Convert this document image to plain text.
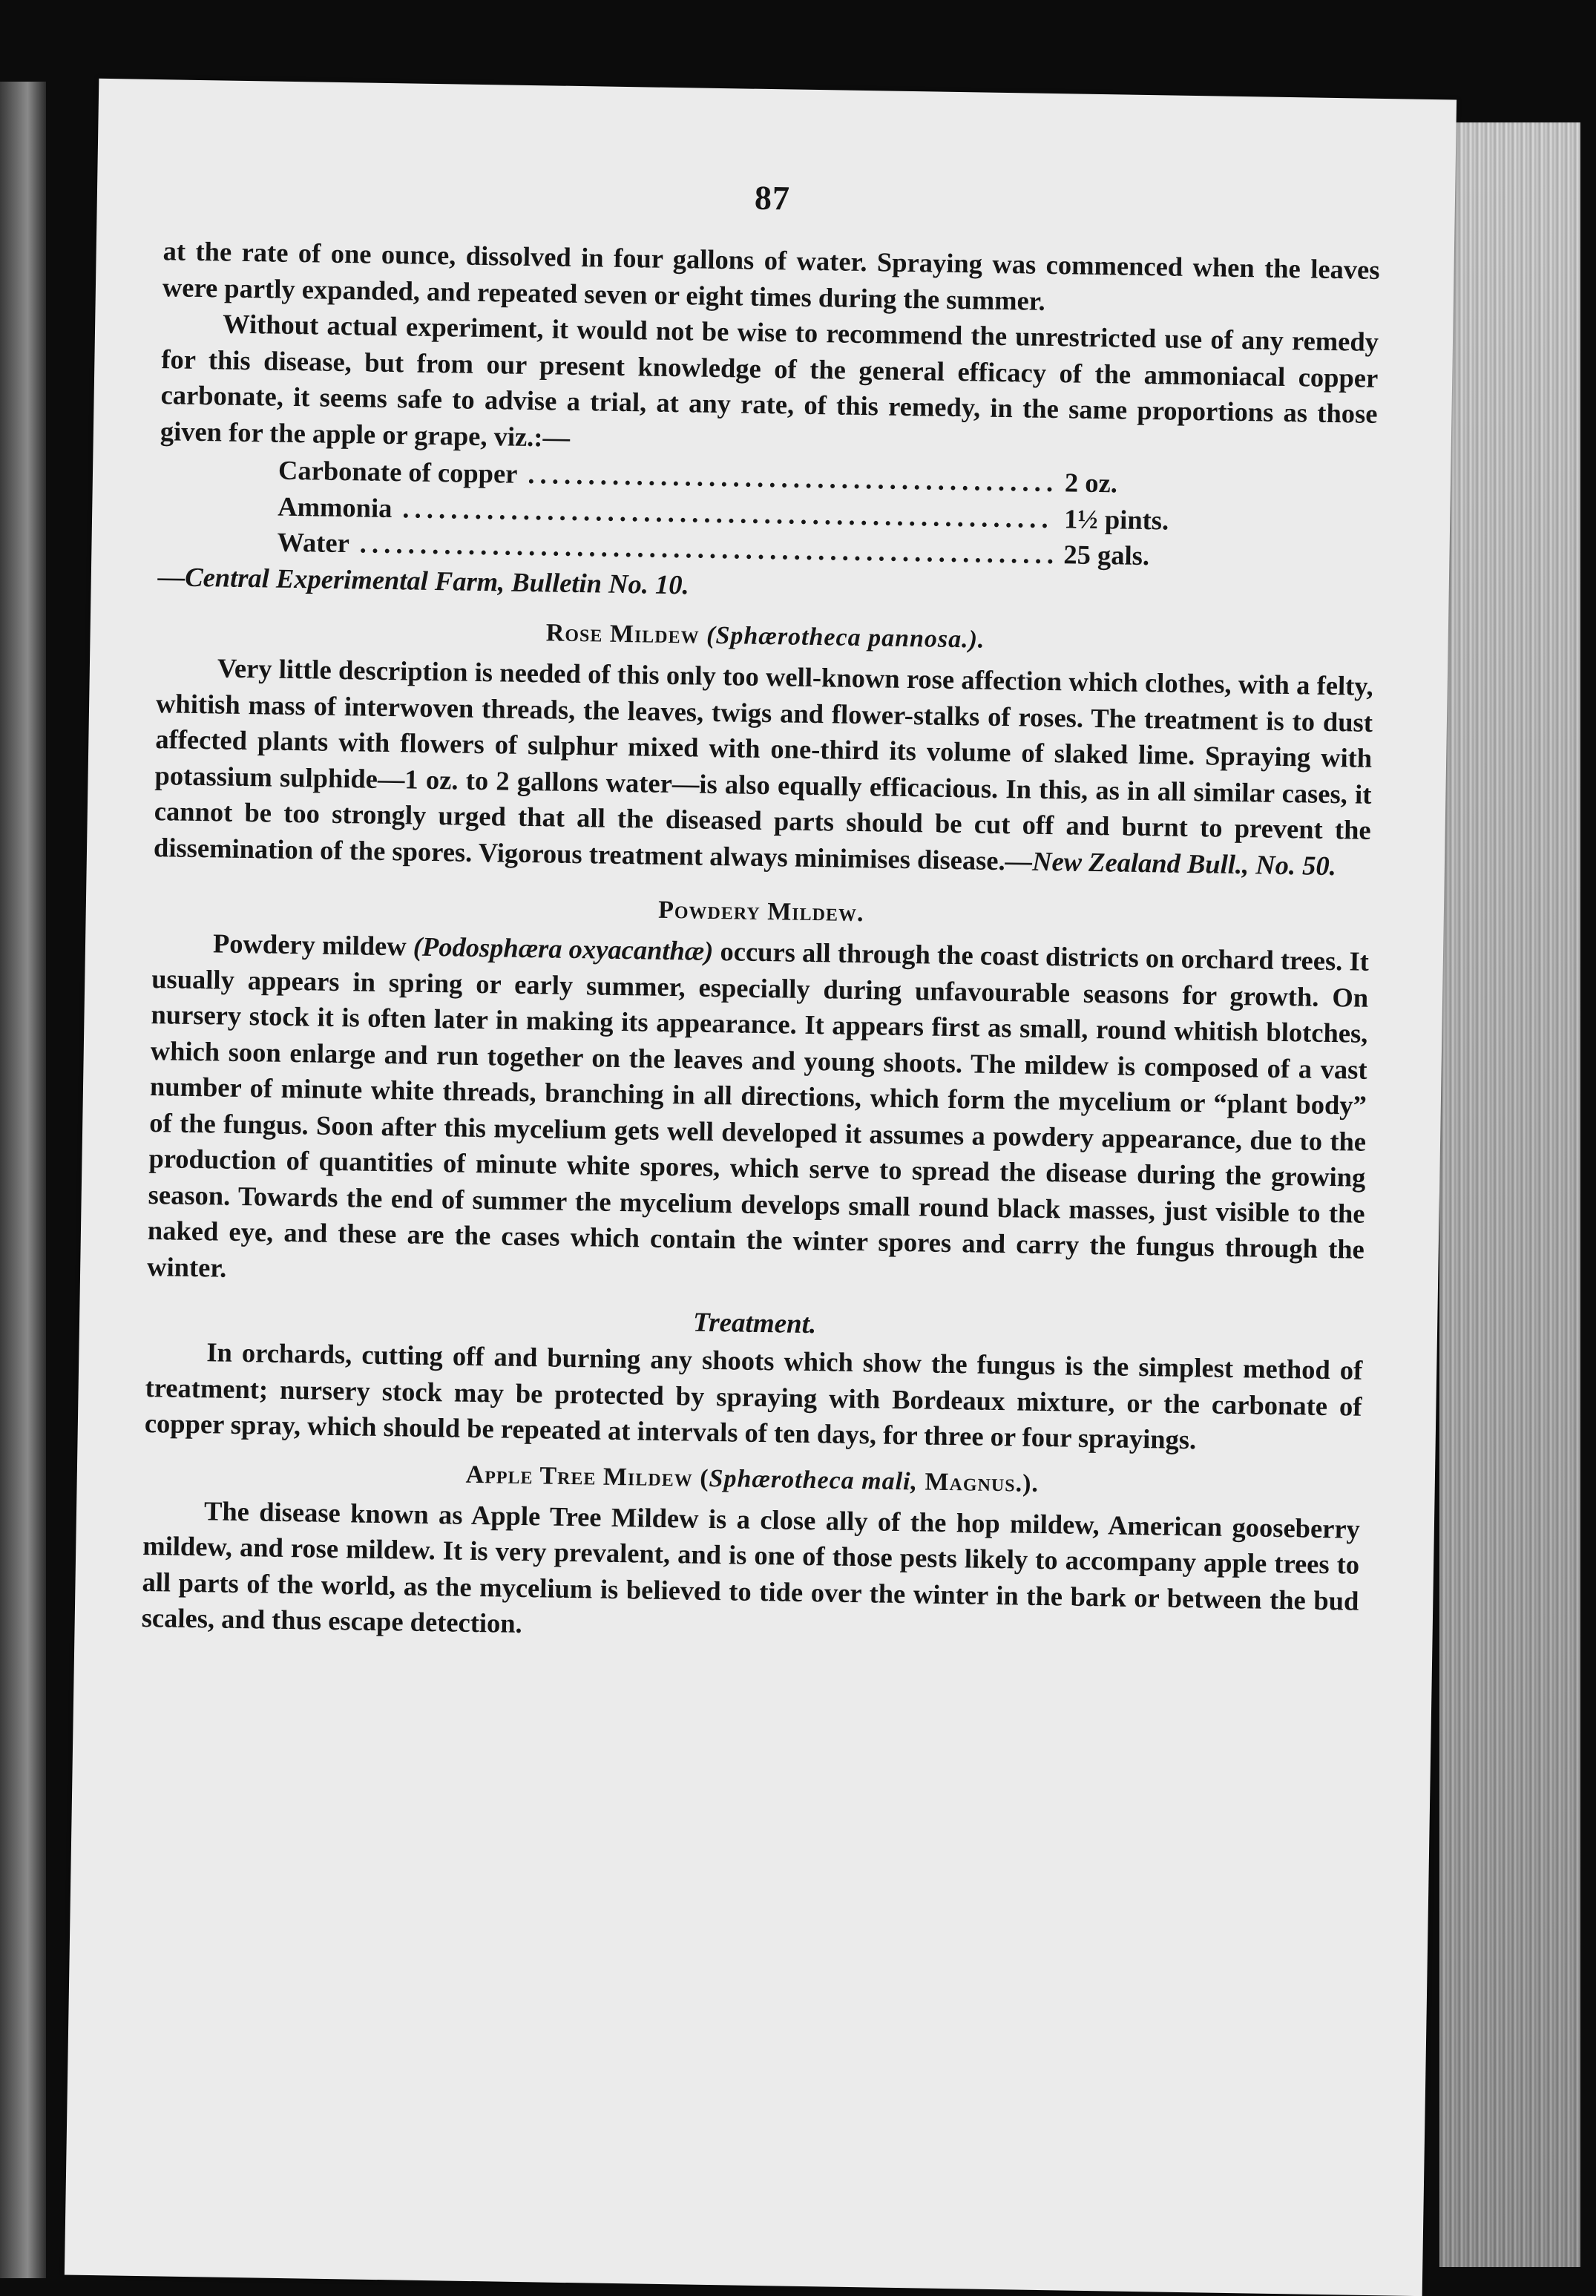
87

at the rate of one ounce, dissolved in four gallons of water. Spraying was commenced when the leaves were partly expanded, and repeated seven or eight times during the summer.

Without actual experiment, it would not be wise to recommend the unrestricted use of any remedy for this disease, but from our present knowledge of the general efficacy of the ammoniacal copper carbonate, it seems safe to advise a trial, at any rate, of this remedy, in the same proportions as those given for the apple or grape, viz.:—

Carbonate of copper . . .	2 oz.
Ammonia . . .	1½ pints.
Water . . .	25 gals.
—Central Experimental Farm, Bulletin No. 10.
Rose Mildew (Sphærotheca pannosa.).

Very little description is needed of this only too well-known rose affection which clothes, with a felty, whitish mass of interwoven threads, the leaves, twigs and flower-stalks of roses. The treatment is to dust affected plants with flowers of sulphur mixed with one-third its volume of slaked lime. Spraying with potassium sulphide—1 oz. to 2 gallons water—is also equally efficacious. In this, as in all similar cases, it cannot be too strongly urged that all the diseased parts should be cut off and burnt to prevent the dissemination of the spores. Vigorous treatment always minimises disease.—New Zealand Bull., No. 50.

Powdery Mildew.

Powdery mildew (Podosphæra oxyacanthæ) occurs all through the coast districts on orchard trees. It usually appears in spring or early summer, especially during unfavourable seasons for growth. On nursery stock it is often later in making its appearance. It appears first as small, round whitish blotches, which soon enlarge and run together on the leaves and young shoots. The mildew is composed of a vast number of minute white threads, branching in all directions, which form the mycelium or “plant body” of the fungus. Soon after this mycelium gets well developed it assumes a powdery appearance, due to the production of quantities of minute white spores, which serve to spread the disease during the growing season. Towards the end of summer the mycelium develops small round black masses, just visible to the naked eye, and these are the cases which contain the winter spores and carry the fungus through the winter.

Treatment.

In orchards, cutting off and burning any shoots which show the fungus is the simplest method of treatment; nursery stock may be protected by spraying with Bordeaux mixture, or the carbonate of copper spray, which should be repeated at intervals of ten days, for three or four sprayings.

Apple Tree Mildew (Sphærotheca mali, Magnus.).

The disease known as Apple Tree Mildew is a close ally of the hop mildew, American gooseberry mildew, and rose mildew. It is very prevalent, and is one of those pests likely to accompany apple trees to all parts of the world, as the mycelium is believed to tide over the winter in the bark or between the bud scales, and thus escape detection.
